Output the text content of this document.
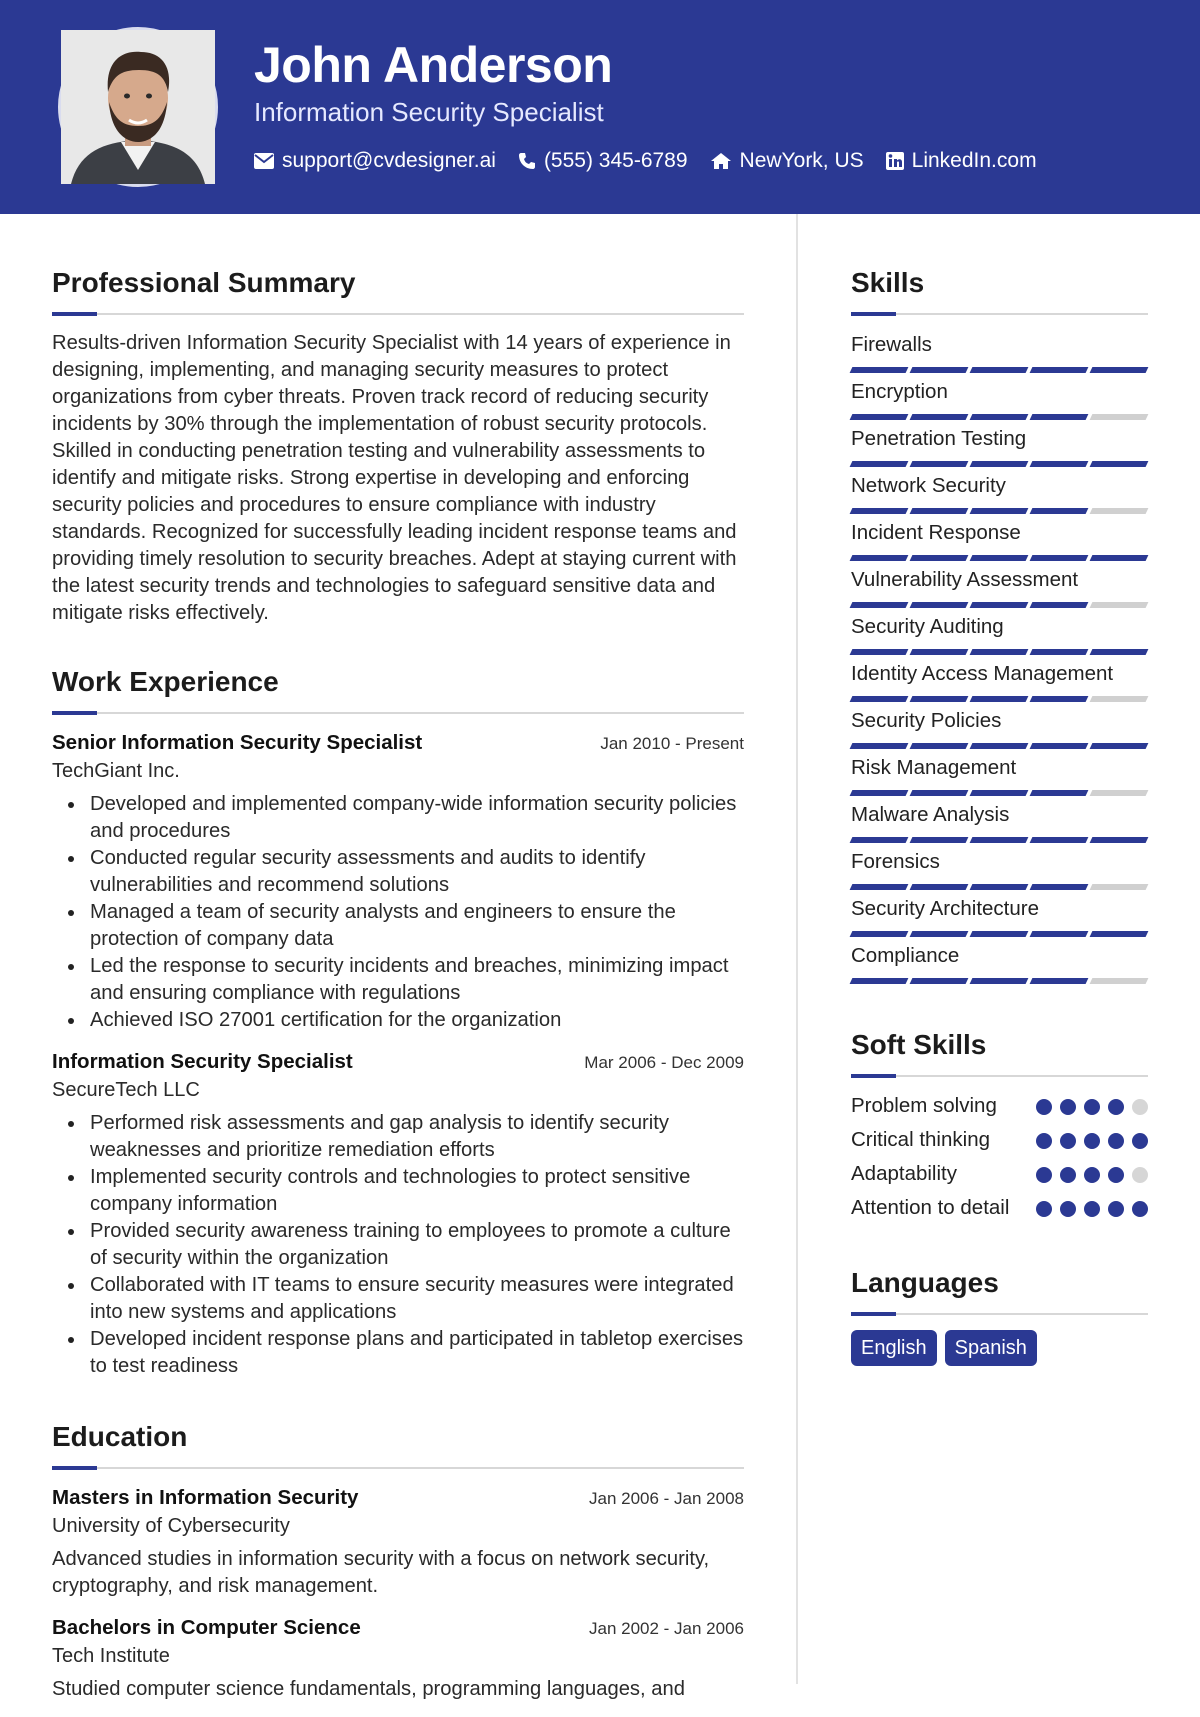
John Anderson
Information Security Specialist
support@cvdesigner.ai (555) 345-6789 NewYork, US LinkedIn.com
Professional Summary

Results-driven Information Security Specialist with 14 years of experience in designing, implementing, and managing security measures to protect organizations from cyber threats. Proven track record of reducing security incidents by 30% through the implementation of robust security protocols. Skilled in conducting penetration testing and vulnerability assessments to identify and mitigate risks. Strong expertise in developing and enforcing security policies and procedures to ensure compliance with industry standards. Recognized for successfully leading incident response teams and providing timely resolution to security breaches. Adept at staying current with the latest security trends and technologies to safeguard sensitive data and mitigate risks effectively.

Work Experience
Senior Information Security Specialist	Jan 2010 - Present
TechGiant Inc.
Developed and implemented company-wide information security policies and procedures
Conducted regular security assessments and audits to identify vulnerabilities and recommend solutions
Managed a team of security analysts and engineers to ensure the protection of company data
Led the response to security incidents and breaches, minimizing impact and ensuring compliance with regulations
Achieved ISO 27001 certification for the organization
Information Security Specialist	Mar 2006 - Dec 2009
SecureTech LLC
Performed risk assessments and gap analysis to identify security weaknesses and prioritize remediation efforts
Implemented security controls and technologies to protect sensitive company information
Provided security awareness training to employees to promote a culture of security within the organization
Collaborated with IT teams to ensure security measures were integrated into new systems and applications
Developed incident response plans and participated in tabletop exercises to test readiness
Education
Masters in Information Security	Jan 2006 - Jan 2008
University of Cybersecurity

Advanced studies in information security with a focus on network security, cryptography, and risk management.

Bachelors in Computer Science	Jan 2002 - Jan 2006
Tech Institute

Studied computer science fundamentals, programming languages, and

Skills
Firewalls
Encryption
Penetration Testing
Network Security
Incident Response
Vulnerability Assessment
Security Auditing
Identity Access Management
Security Policies
Risk Management
Malware Analysis
Forensics
Security Architecture
Compliance
Soft Skills
Problem solving
Critical thinking
Adaptability
Attention to detail
Languages
English	Spanish
